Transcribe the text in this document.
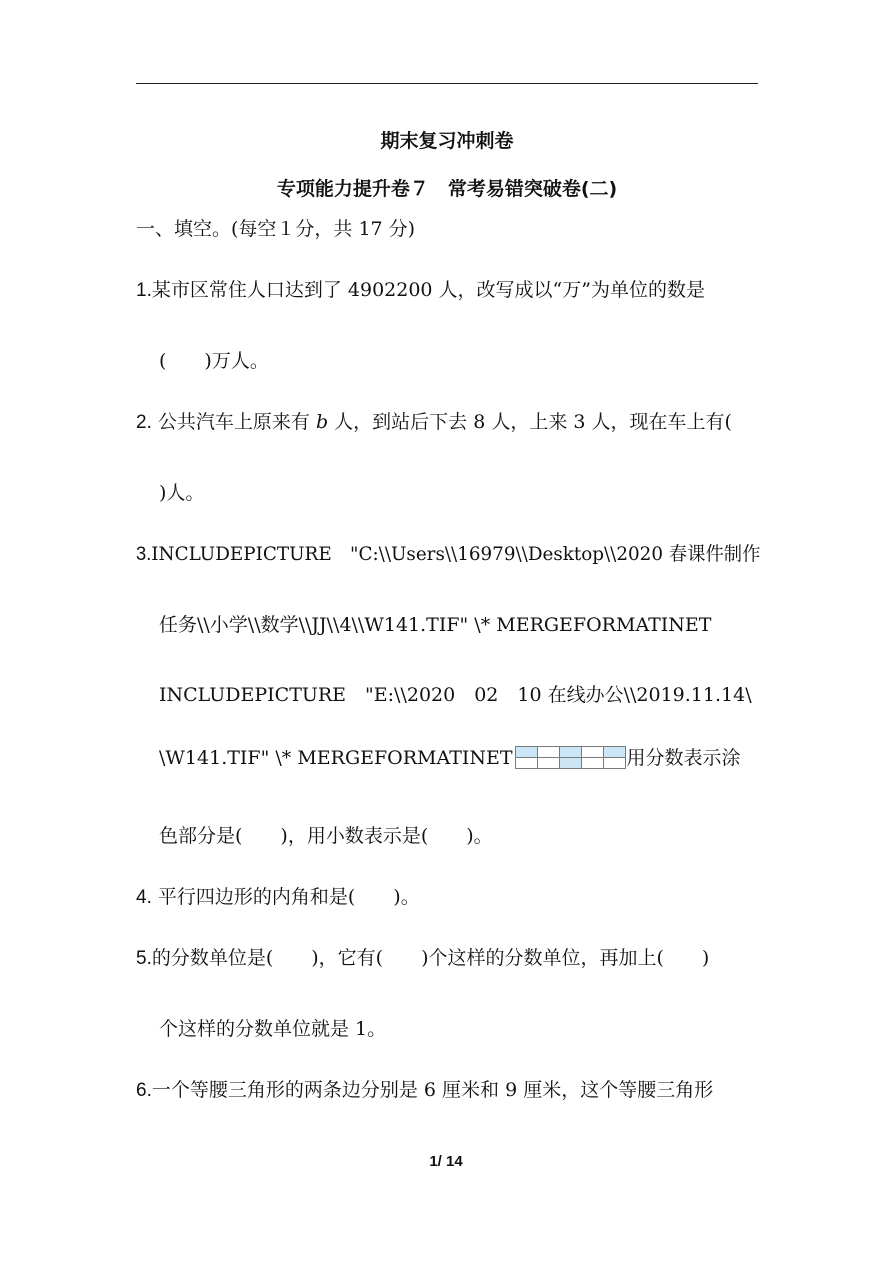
期末复习冲刺卷
专项能力提升卷７　常考易错突破卷(二)
一、填空。(每空１分，共 17 分)
1.某市区常住人口达到了 4902200 人，改写成以“万”为单位的数是
(　　)万人。
2. 公共汽车上原来有 b 人，到站后下去 8 人，上来 3 人，现在车上有(
)人。
3.INCLUDEPICTURE　"C:\\Users\\16979\\Desktop\\2020 春课件制作
任务\\小学\\数学\\JJ\\4\\W141.TIF" \* MERGEFORMATINET
INCLUDEPICTURE　"E:\\2020　02　10 在线办公\\2019.11.14\
\W141.TIF" \* MERGEFORMATINET

					用分数表示涂
色部分是(　　)，用小数表示是(　　)。
4. 平行四边形的内角和是(　　)。
5.的分数单位是(　　)，它有(　　)个这样的分数单位，再加上(　　)
个这样的分数单位就是 1。
6.一个等腰三角形的两条边分别是 6 厘米和 9 厘米，这个等腰三角形
1/ 14
